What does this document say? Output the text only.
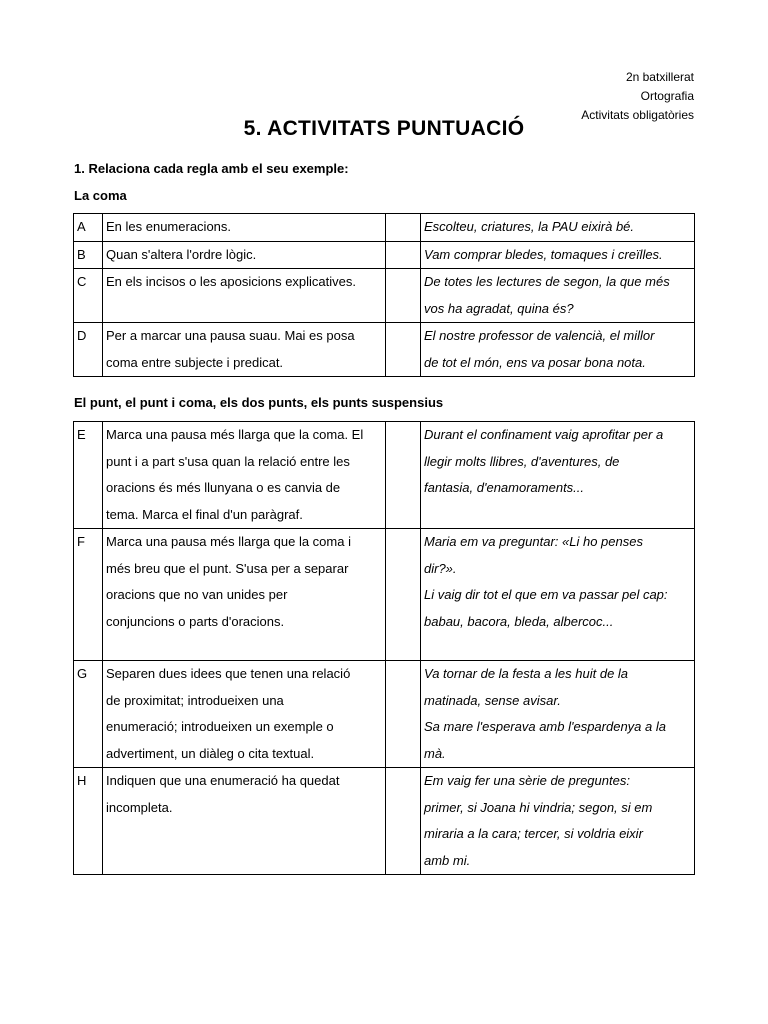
2n batxillerat
Ortografia
Activitats obligatòries
5. ACTIVITATS PUNTUACIÓ
1. Relaciona cada regla amb el seu exemple:
La coma
A	En les enumeracions.		Escolteu, criatures, la PAU eixirà bé.

B	Quan s'altera l'ordre lògic.		Vam comprar bledes, tomaques i creïlles.

C	En els incisos o les aposicions explicatives.		De totes les lectures de segon, la que més
vos ha agradat, quina és?

D	Per a marcar una pausa suau. Mai es posa
coma entre subjecte i predicat.		El nostre professor de valencià, el millor
de tot el món, ens va posar bona nota.
El punt, el punt i coma, els dos punts, els punts suspensius
E	Marca una pausa més llarga que la coma. El
punt i a part s'usa quan la relació entre les
oracions és més llunyana o es canvia de
tema. Marca el final d'un paràgraf.		Durant el confinament vaig aprofitar per a
llegir molts llibres, d'aventures, de
fantasia, d'enamoraments...

F	Marca una pausa més llarga que la coma i
més breu que el punt. S'usa per a separar
oracions que no van unides per
conjuncions o parts d'oracions.		Maria em va preguntar: «Li ho penses
dir?».
Li vaig dir tot el que em va passar pel cap:
babau, bacora, bleda, albercoc...

G	Separen dues idees que tenen una relació
de proximitat; introdueixen una
enumeració; introdueixen un exemple o
advertiment, un diàleg o cita textual.		Va tornar de la festa a les huit de la
matinada, sense avisar.
Sa mare l'esperava amb l'espardenya a la
mà.

H	Indiquen que una enumeració ha quedat
incompleta.		Em vaig fer una sèrie de preguntes:
primer, si Joana hi vindria; segon, si em
miraria a la cara; tercer, si voldria eixir
amb mi.
